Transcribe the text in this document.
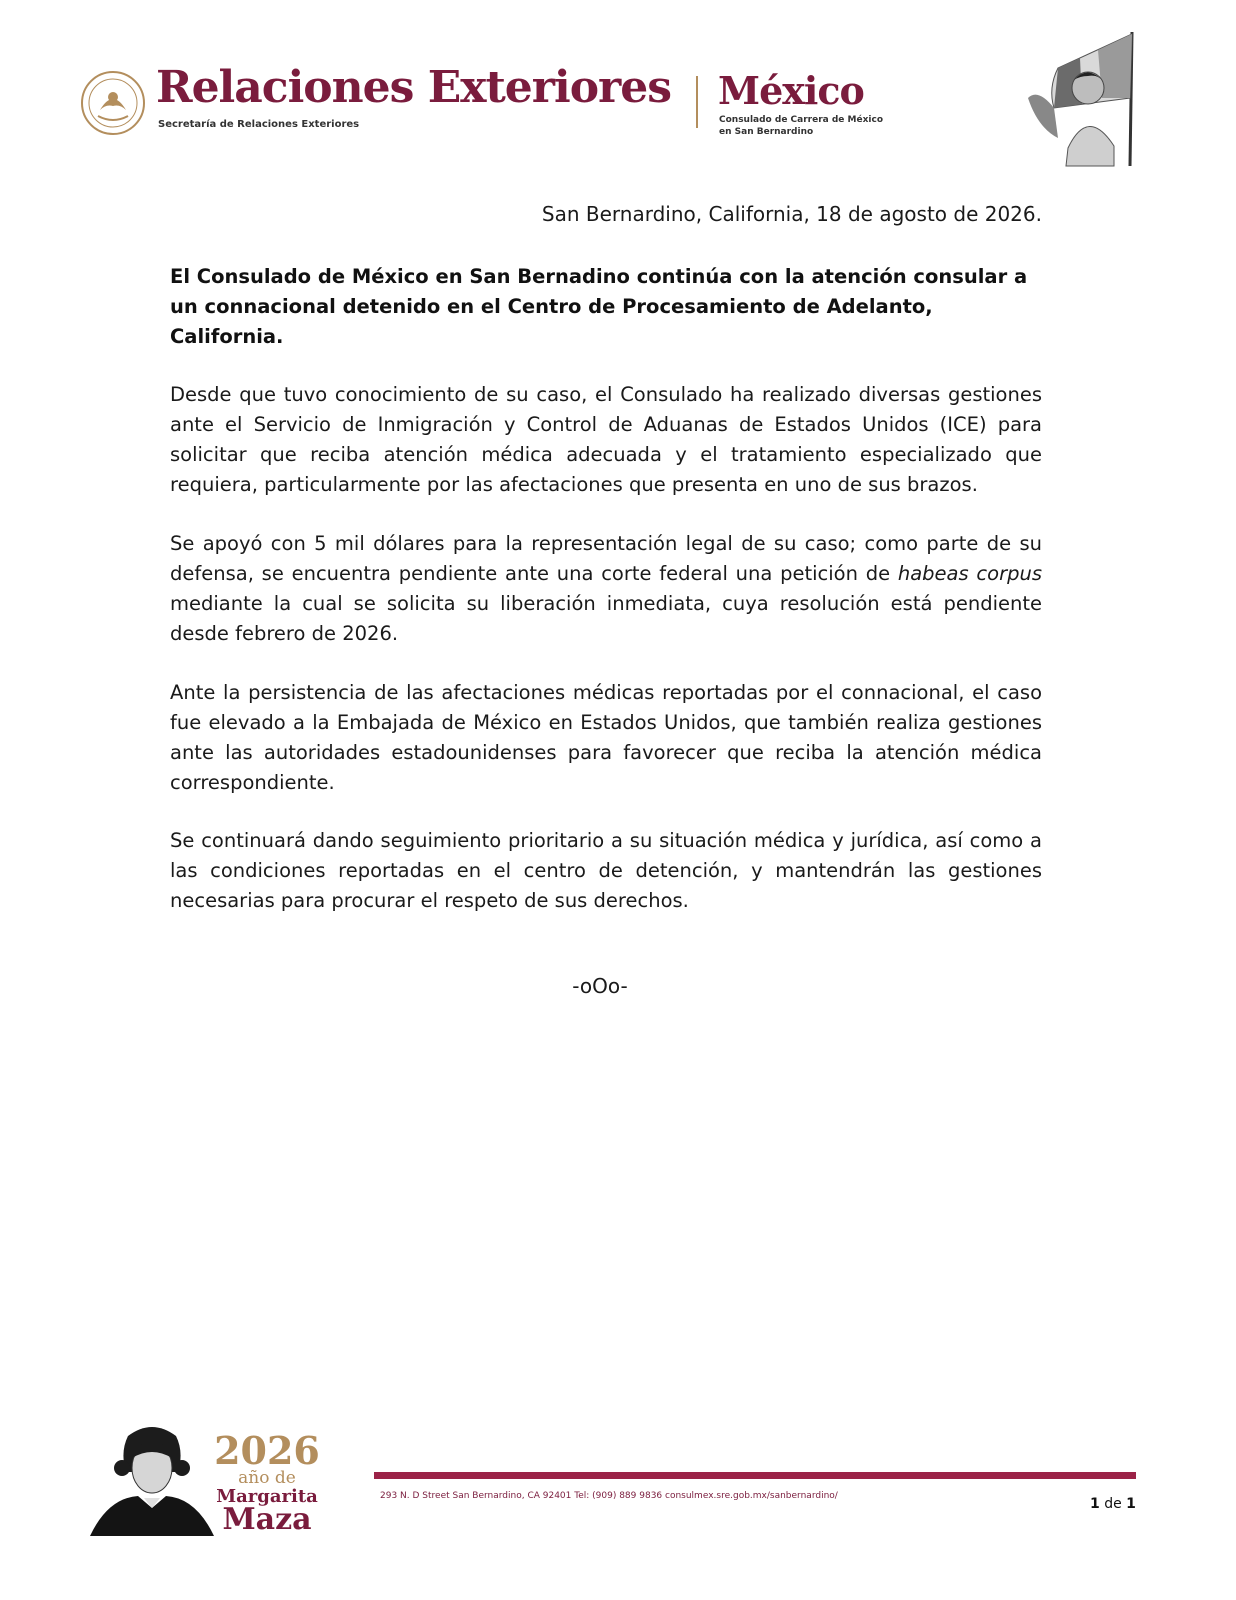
Relaciones Exteriores
Secretaría de Relaciones Exteriores
México
Consulado de Carrera de México
en San Bernardino
San Bernardino, California, 18 de agosto de 2026.
El Consulado de México en San Bernadino continúa con la atención consular a un connacional detenido en el Centro de Procesamiento de Adelanto, California.
Desde que tuvo conocimiento de su caso, el Consulado ha realizado diversas gestiones ante el Servicio de Inmigración y Control de Aduanas de Estados Unidos (ICE) para solicitar que reciba atención médica adecuada y el tratamiento especializado que requiera, particularmente por las afectaciones que presenta en uno de sus brazos.
Se apoyó con 5 mil dólares para la representación legal de su caso; como parte de su defensa, se encuentra pendiente ante una corte federal una petición de habeas corpus mediante la cual se solicita su liberación inmediata, cuya resolución está pendiente desde febrero de 2026.
Ante la persistencia de las afectaciones médicas reportadas por el connacional, el caso fue elevado a la Embajada de México en Estados Unidos, que también realiza gestiones ante las autoridades estadounidenses para favorecer que reciba la atención médica correspondiente.
Se continuará dando seguimiento prioritario a su situación médica y jurídica, así como a las condiciones reportadas en el centro de detención, y mantendrán las gestiones necesarias para procurar el respeto de sus derechos.
-oOo-
2026
año de
Margarita
Maza
293 N. D Street San Bernardino, CA 92401 Tel: (909) 889 9836 consulmex.sre.gob.mx/sanbernardino/	1 de 1
